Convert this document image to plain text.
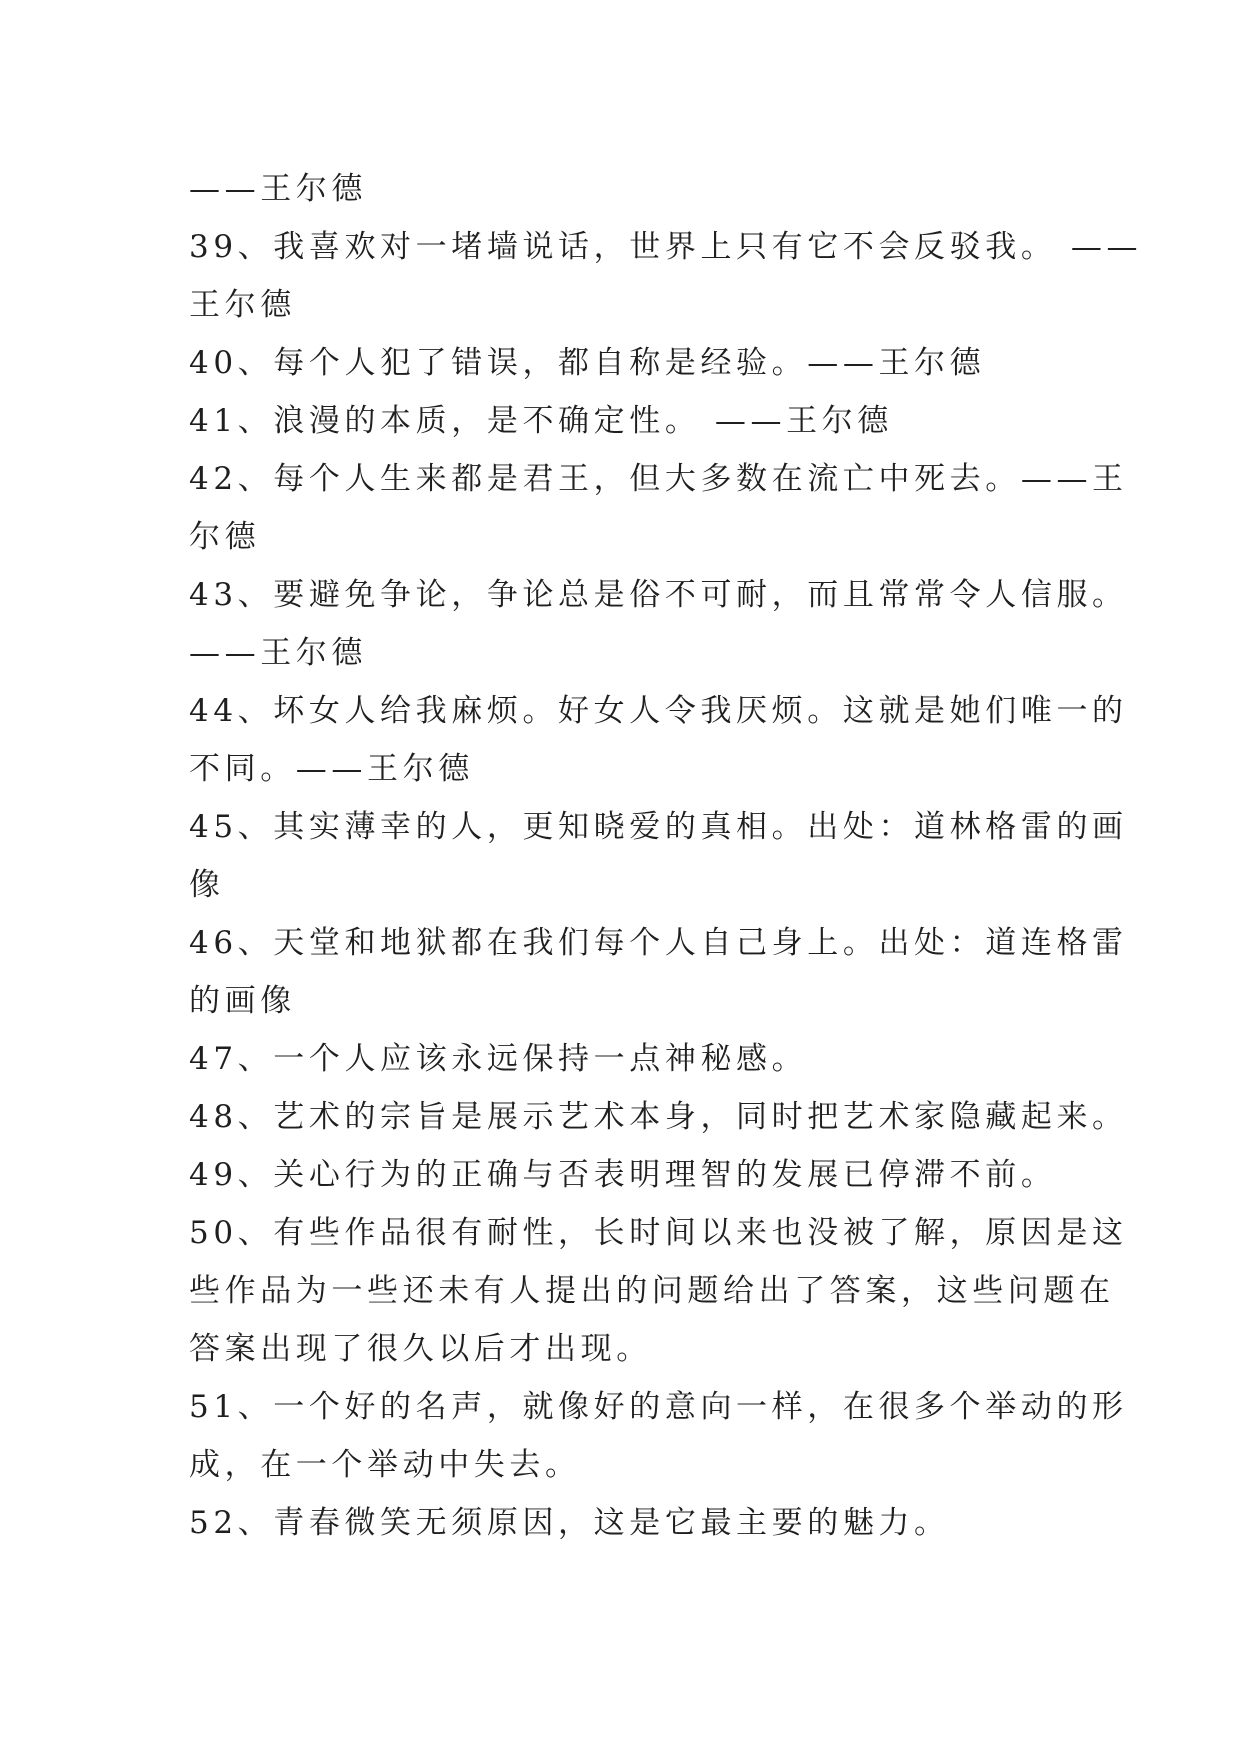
——王尔德
39、我喜欢对一堵墙说话，世界上只有它不会反驳我。 ——
王尔德
40、每个人犯了错误，都自称是经验。——王尔德
41、浪漫的本质，是不确定性。 ——王尔德
42、每个人生来都是君王，但大多数在流亡中死去。——王
尔德
43、要避免争论，争论总是俗不可耐，而且常常令人信服。
——王尔德
44、坏女人给我麻烦。好女人令我厌烦。这就是她们唯一的
不同。——王尔德
45、其实薄幸的人，更知晓爱的真相。出处：道林格雷的画
像
46、天堂和地狱都在我们每个人自己身上。出处：道连格雷
的画像
47、一个人应该永远保持一点神秘感。
48、艺术的宗旨是展示艺术本身，同时把艺术家隐藏起来。
49、关心行为的正确与否表明理智的发展已停滞不前。
50、有些作品很有耐性，长时间以来也没被了解，原因是这
些作品为一些还未有人提出的问题给出了答案，这些问题在
答案出现了很久以后才出现。
51、一个好的名声，就像好的意向一样，在很多个举动的形
成，在一个举动中失去。
52、青春微笑无须原因，这是它最主要的魅力。
